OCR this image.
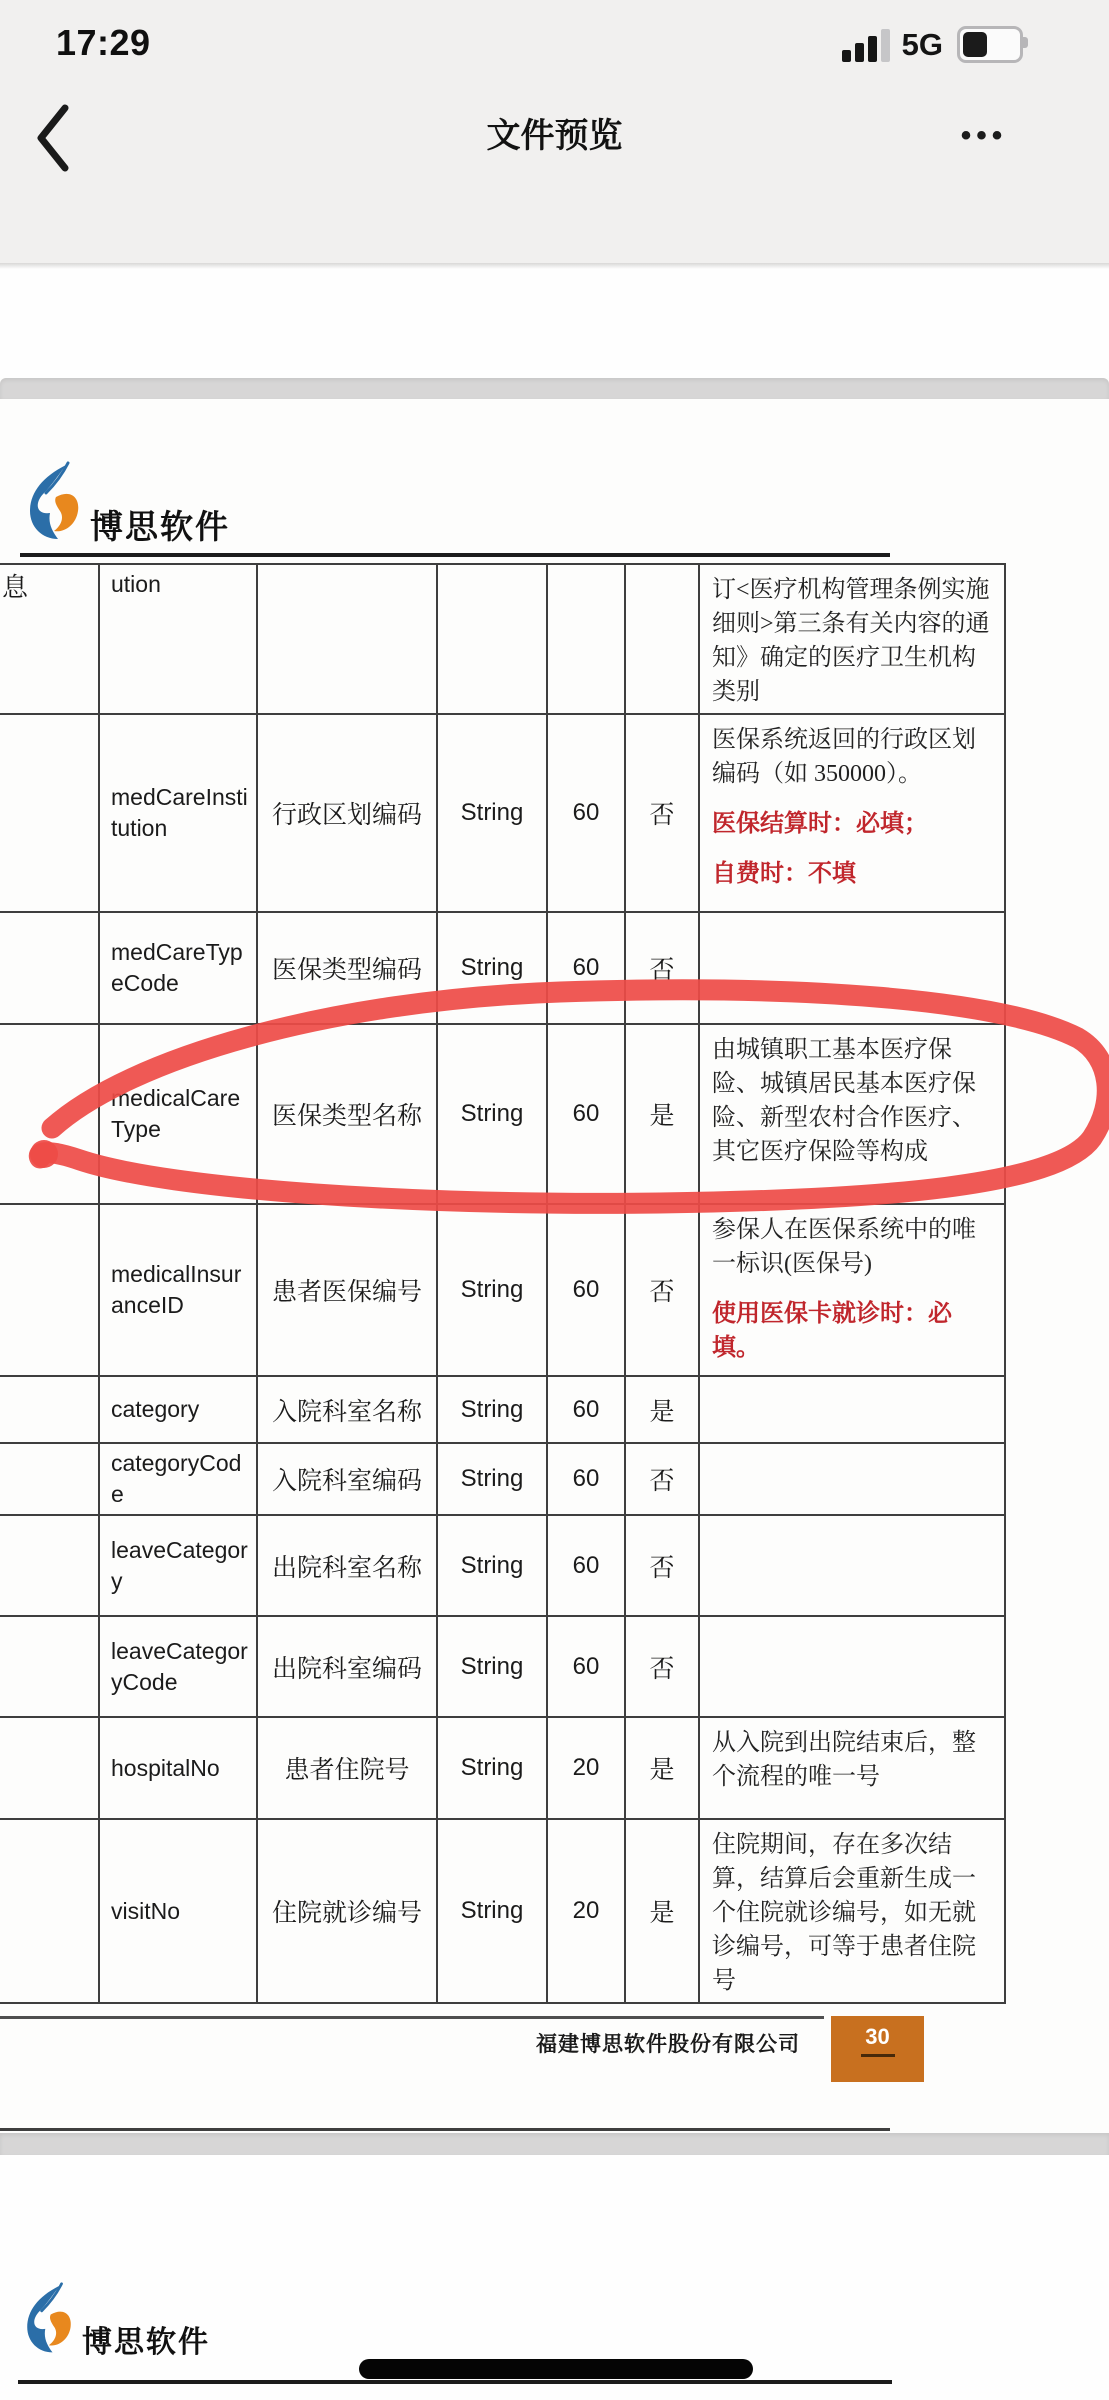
17:29	5G
文件预览	•••
博思软件
息	ution					订<医疗机构管理条例实施细则>第三条有关内容的通知》确定的医疗卫生机构类别

	medCareInstitution	行政区划编码	String	60	否	医保系统返回的行政区划编码（如 350000）。

医保结算时：必填；

自费时：不填

	medCareTypeCode	医保类型编码	String	60	否	
	medicalCareType	医保类型名称	String	60	是	由城镇职工基本医疗保险、城镇居民基本医疗保险、新型农村合作医疗、其它医疗保险等构成

	medicalInsuranceID	患者医保编号	String	60	否	参保人在医保系统中的唯一标识(医保号)

使用医保卡就诊时：必填。

	category	入院科室名称	String	60	是	
	categoryCode	入院科室编码	String	60	否	
	leaveCategory	出院科室名称	String	60	否	
	leaveCategoryCode	出院科室编码	String	60	否	
	hospitalNo	患者住院号	String	20	是	从入院到出院结束后，整个流程的唯一号

	visitNo	住院就诊编号	String	20	是	住院期间，存在多次结算，结算后会重新生成一个住院就诊编号，如无就诊编号，可等于患者住院号

福建博思软件股份有限公司	30
博思软件
